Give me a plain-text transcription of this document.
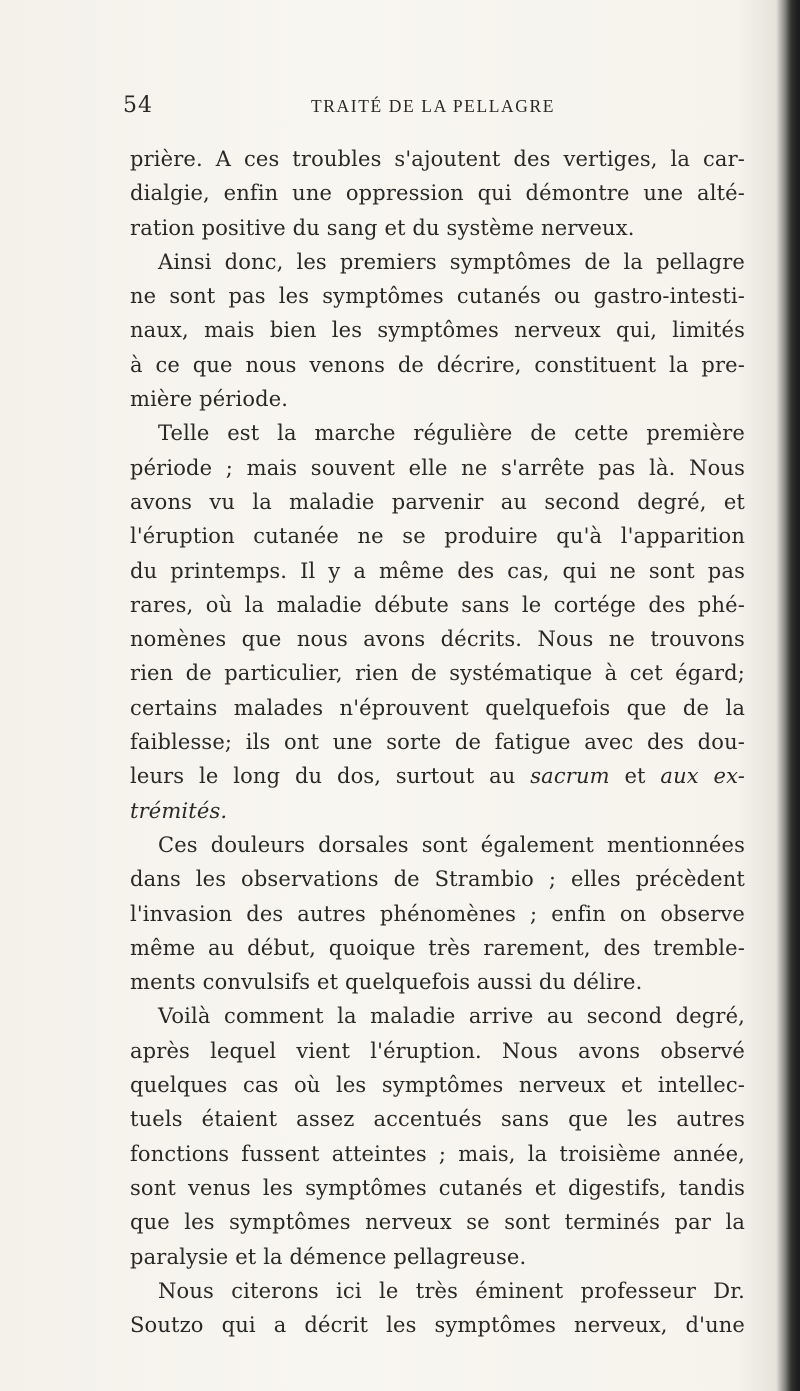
54	TRAITÉ DE LA PELLAGRE
prière. A ces troubles s'ajoutent des vertiges, la car-
dialgie, enfin une oppression qui démontre une alté-
ration positive du sang et du système nerveux.
Ainsi donc, les premiers symptômes de la pellagre
ne sont pas les symptômes cutanés ou gastro-intesti-
naux, mais bien les symptômes nerveux qui, limités
à ce que nous venons de décrire, constituent la pre-
mière période.
Telle est la marche régulière de cette première
période ; mais souvent elle ne s'arrête pas là. Nous
avons vu la maladie parvenir au second degré, et
l'éruption cutanée ne se produire qu'à l'apparition
du printemps. Il y a même des cas, qui ne sont pas
rares, où la maladie débute sans le cortége des phé-
nomènes que nous avons décrits. Nous ne trouvons
rien de particulier, rien de systématique à cet égard;
certains malades n'éprouvent quelquefois que de la
faiblesse; ils ont une sorte de fatigue avec des dou-
leurs le long du dos, surtout au sacrum et aux ex-
trémités.
Ces douleurs dorsales sont également mentionnées
dans les observations de Strambio ; elles précèdent
l'invasion des autres phénomènes ; enfin on observe
même au début, quoique très rarement, des tremble-
ments convulsifs et quelquefois aussi du délire.
Voilà comment la maladie arrive au second degré,
après lequel vient l'éruption. Nous avons observé
quelques cas où les symptômes nerveux et intellec-
tuels étaient assez accentués sans que les autres
fonctions fussent atteintes ; mais, la troisième année,
sont venus les symptômes cutanés et digestifs, tandis
que les symptômes nerveux se sont terminés par la
paralysie et la démence pellagreuse.
Nous citerons ici le très éminent professeur Dr.
Soutzo qui a décrit les symptômes nerveux, d'une
